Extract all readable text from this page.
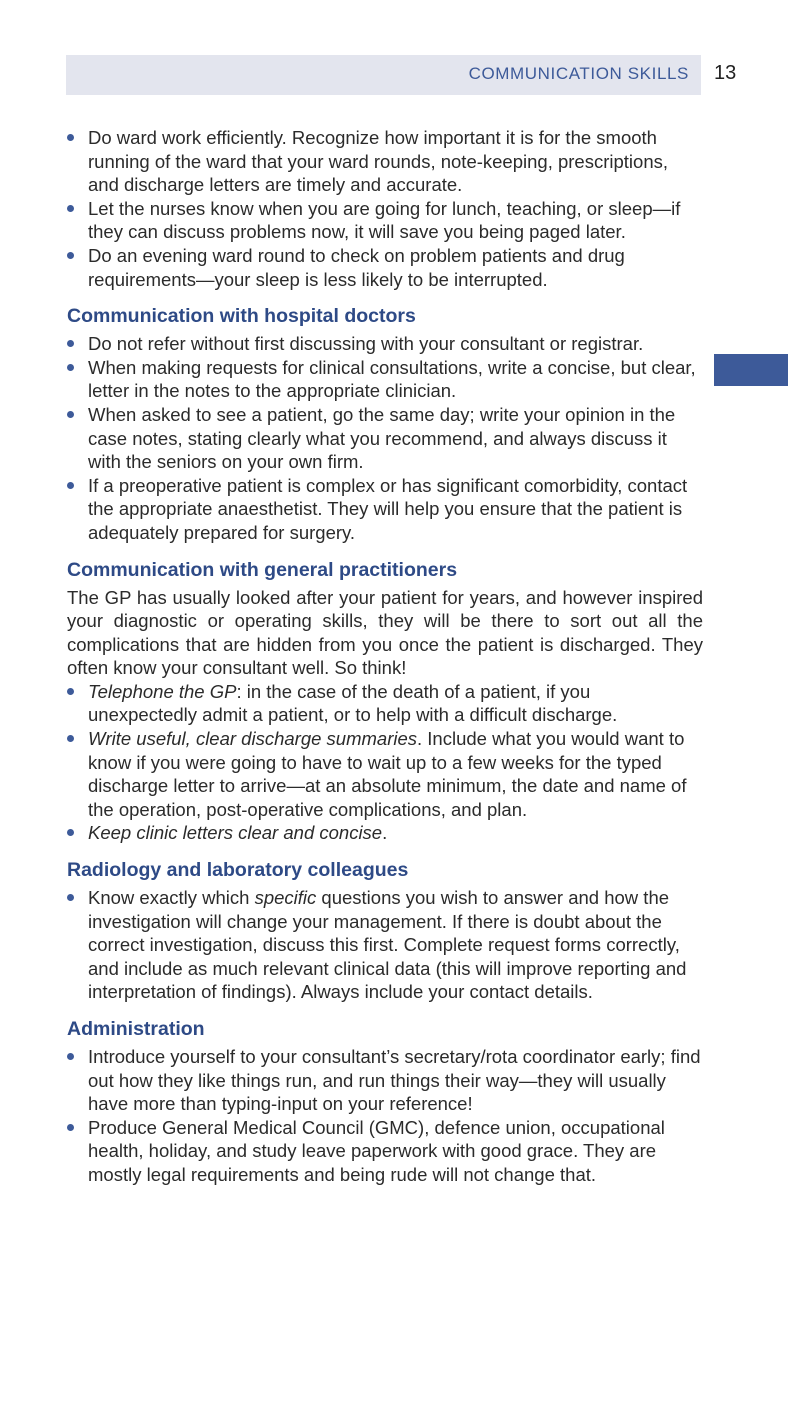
COMMUNICATION SKILLS 13
Do ward work efficiently. Recognize how important it is for the smooth running of the ward that your ward rounds, note-keeping, prescriptions, and discharge letters are timely and accurate.
Let the nurses know when you are going for lunch, teaching, or sleep—if they can discuss problems now, it will save you being paged later.
Do an evening ward round to check on problem patients and drug requirements—your sleep is less likely to be interrupted.
Communication with hospital doctors
Do not refer without first discussing with your consultant or registrar.
When making requests for clinical consultations, write a concise, but clear, letter in the notes to the appropriate clinician.
When asked to see a patient, go the same day; write your opinion in the case notes, stating clearly what you recommend, and always discuss it with the seniors on your own firm.
If a preoperative patient is complex or has significant comorbidity, contact the appropriate anaesthetist. They will help you ensure that the patient is adequately prepared for surgery.
Communication with general practitioners

The GP has usually looked after your patient for years, and however inspired your diagnostic or operating skills, they will be there to sort out all the complications that are hidden from you once the patient is discharged. They often know your consultant well. So think!

Telephone the GP: in the case of the death of a patient, if you unexpectedly admit a patient, or to help with a difficult discharge.
Write useful, clear discharge summaries. Include what you would want to know if you were going to have to wait up to a few weeks for the typed discharge letter to arrive—at an absolute minimum, the date and name of the operation, post-operative complications, and plan.
Keep clinic letters clear and concise.
Radiology and laboratory colleagues
Know exactly which specific questions you wish to answer and how the investigation will change your management. If there is doubt about the correct investigation, discuss this first. Complete request forms correctly, and include as much relevant clinical data (this will improve reporting and interpretation of findings). Always include your contact details.
Administration
Introduce yourself to your consultant’s secretary/rota coordinator early; find out how they like things run, and run things their way—they will usually have more than typing-input on your reference!
Produce General Medical Council (GMC), defence union, occupational health, holiday, and study leave paperwork with good grace. They are mostly legal requirements and being rude will not change that.
